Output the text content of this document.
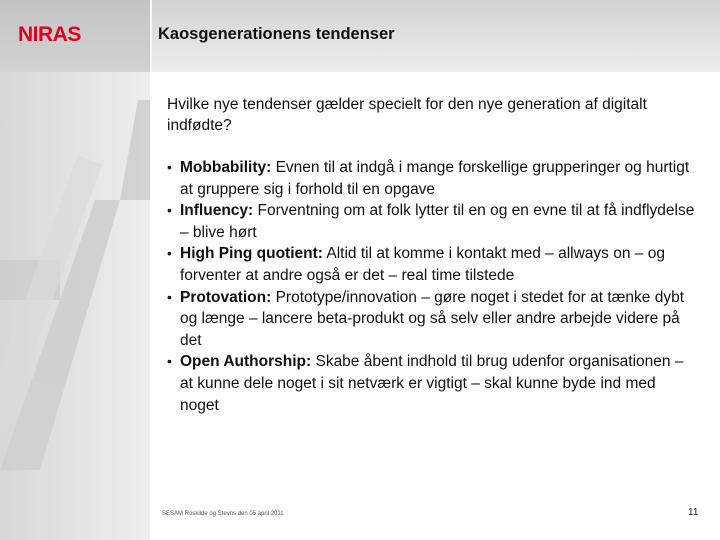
NIRAS	Kaosgenerationens tendenser
Hvilke nye tendenser gælder specielt for den nye generation af digitalt indfødte?
• Mobbability: Evnen til at indgå i mange forskellige grupperinger og hurtigt at gruppere sig i forhold til en opgave
• Influency: Forventning om at folk lytter til en og en evne til at få indflydelse – blive hørt
• High Ping quotient: Altid til at komme i kontakt med – allways on – og forventer at andre også er det – real time tilstede
• Protovation: Prototype/innovation – gøre noget i stedet for at tænke dybt og længe – lancere beta-produkt og så selv eller andre arbejde videre på det
• Open Authorship: Skabe åbent indhold til brug udenfor organisationen – at kunne dele noget i sit netværk er vigtigt – skal kunne byde ind med noget
SESAM Roskilde og Stevns den 05 april 2011	11
